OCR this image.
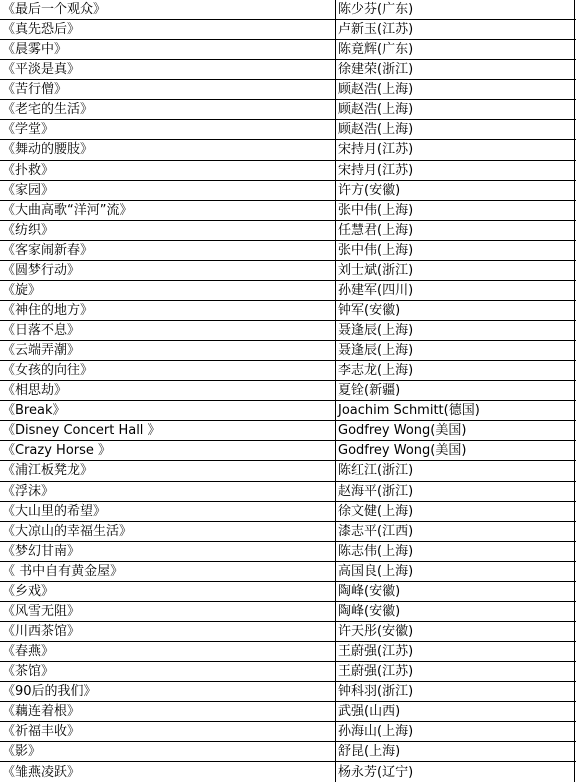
《最后一个观众》	陈少芬(广东)	
《真先恐后》	卢新玉(江苏)	
《晨雾中》	陈竟辉(广东)	
《平淡是真》	徐建荣(浙江)	
《苦行僧》	顾赵浩(上海)	
《老宅的生活》	顾赵浩(上海)	
《学堂》	顾赵浩(上海)	
《舞动的腰肢》	宋持月(江苏)	
《扑救》	宋持月(江苏)	
《家园》	许方(安徽)	
《大曲高歌“洋河”流》	张中伟(上海)	
《纺织》	任慧君(上海)	
《客家闹新春》	张中伟(上海)	
《圆梦行动》	刘士斌(浙江)	
《旋》	孙建军(四川)	
《神住的地方》	钟军(安徽)	
《日落不息》	聂逢辰(上海)	
《云端弄潮》	聂逢辰(上海)	
《女孩的向往》	李志龙(上海)	
《相思劫》	夏铨(新疆)	
《Break》	Joachim Schmitt(德国)	
《Disney Concert Hall 》	Godfrey Wong(美国)	
《Crazy Horse 》	Godfrey Wong(美国)	
《浦江板凳龙》	陈红江(浙江)	
《浮沫》	赵海平(浙江)	
《大山里的希望》	徐文健(上海)	
《大凉山的幸福生活》	漆志平(江西)	
《梦幻甘南》	陈志伟(上海)	
《 书中自有黄金屋》	高国良(上海)	
《乡戏》	陶峰(安徽)	
《风雪无阻》	陶峰(安徽)	
《川西茶馆》	许天彤(安徽)	
《春燕》	王蔚强(江苏)	
《茶馆》	王蔚强(江苏)	
《90后的我们》	钟科羽(浙江)	
《藕连着根》	武强(山西)	
《祈福丰收》	孙海山(上海)	
《影》	舒昆(上海)	
《雏燕凌跃》	杨永芳(辽宁)	
